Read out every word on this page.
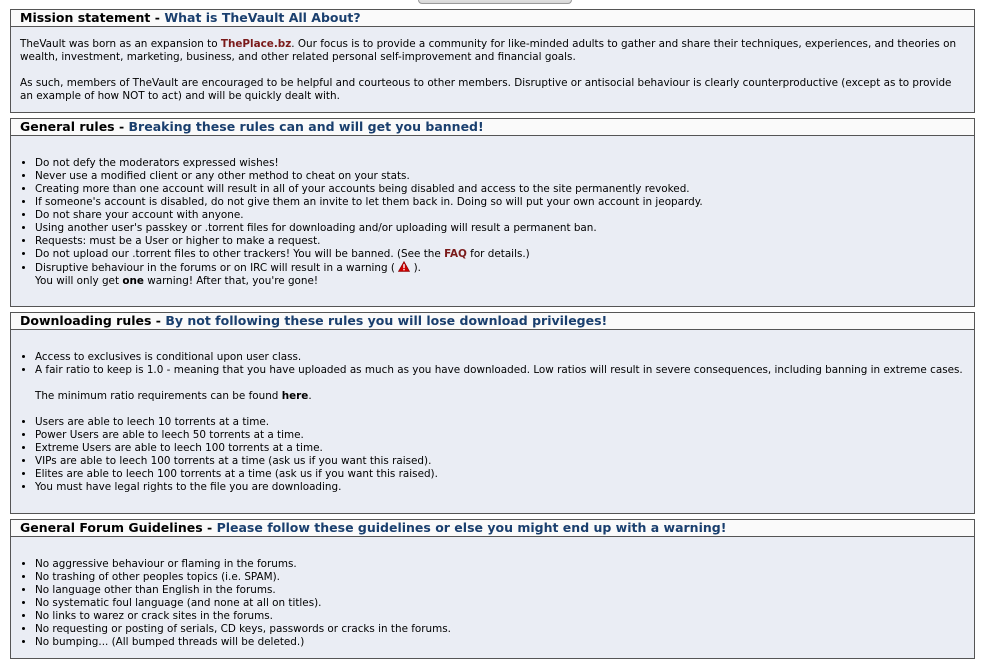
Mission statement - What is TheVault All About?

TheVault was born as an expansion to ThePlace.bz. Our focus is to provide a community for like-minded adults to gather and share their techniques, experiences, and theories on wealth, investment, marketing, business, and other related personal self-improvement and financial goals.

As such, members of TheVault are encouraged to be helpful and courteous to other members. Disruptive or antisocial behaviour is clearly counterproductive (except as to provide an example of how NOT to act) and will be quickly dealt with.

General rules - Breaking these rules can and will get you banned!
• Do not defy the moderators expressed wishes!
• Never use a modified client or any other method to cheat on your stats.
• Creating more than one account will result in all of your accounts being disabled and access to the site permanently revoked.
• If someone's account is disabled, do not give them an invite to let them back in. Doing so will put your own account in jeopardy.
• Do not share your account with anyone.
• Using another user's passkey or .torrent files for downloading and/or uploading will result a permanent ban.
• Requests: must be a User or higher to make a request.
• Do not upload our .torrent files to other trackers! You will be banned. (See the FAQ for details.)
• Disruptive behaviour in the forums or on IRC will result in a warning (  ).
You will only get one warning! After that, you're gone!
Downloading rules - By not following these rules you will lose download privileges!
• Access to exclusives is conditional upon user class.
• A fair ratio to keep is 1.0 - meaning that you have uploaded as much as you have downloaded. Low ratios will result in severe consequences, including banning in extreme cases.

The minimum ratio requirements can be found here.

• Users are able to leech 10 torrents at a time.
• Power Users are able to leech 50 torrents at a time.
• Extreme Users are able to leech 100 torrents at a time.
• VIPs are able to leech 100 torrents at a time (ask us if you want this raised).
• Elites are able to leech 100 torrents at a time (ask us if you want this raised).
• You must have legal rights to the file you are downloading.
General Forum Guidelines - Please follow these guidelines or else you might end up with a warning!
• No aggressive behaviour or flaming in the forums.
• No trashing of other peoples topics (i.e. SPAM).
• No language other than English in the forums.
• No systematic foul language (and none at all on titles).
• No links to warez or crack sites in the forums.
• No requesting or posting of serials, CD keys, passwords or cracks in the forums.
• No bumping... (All bumped threads will be deleted.)
